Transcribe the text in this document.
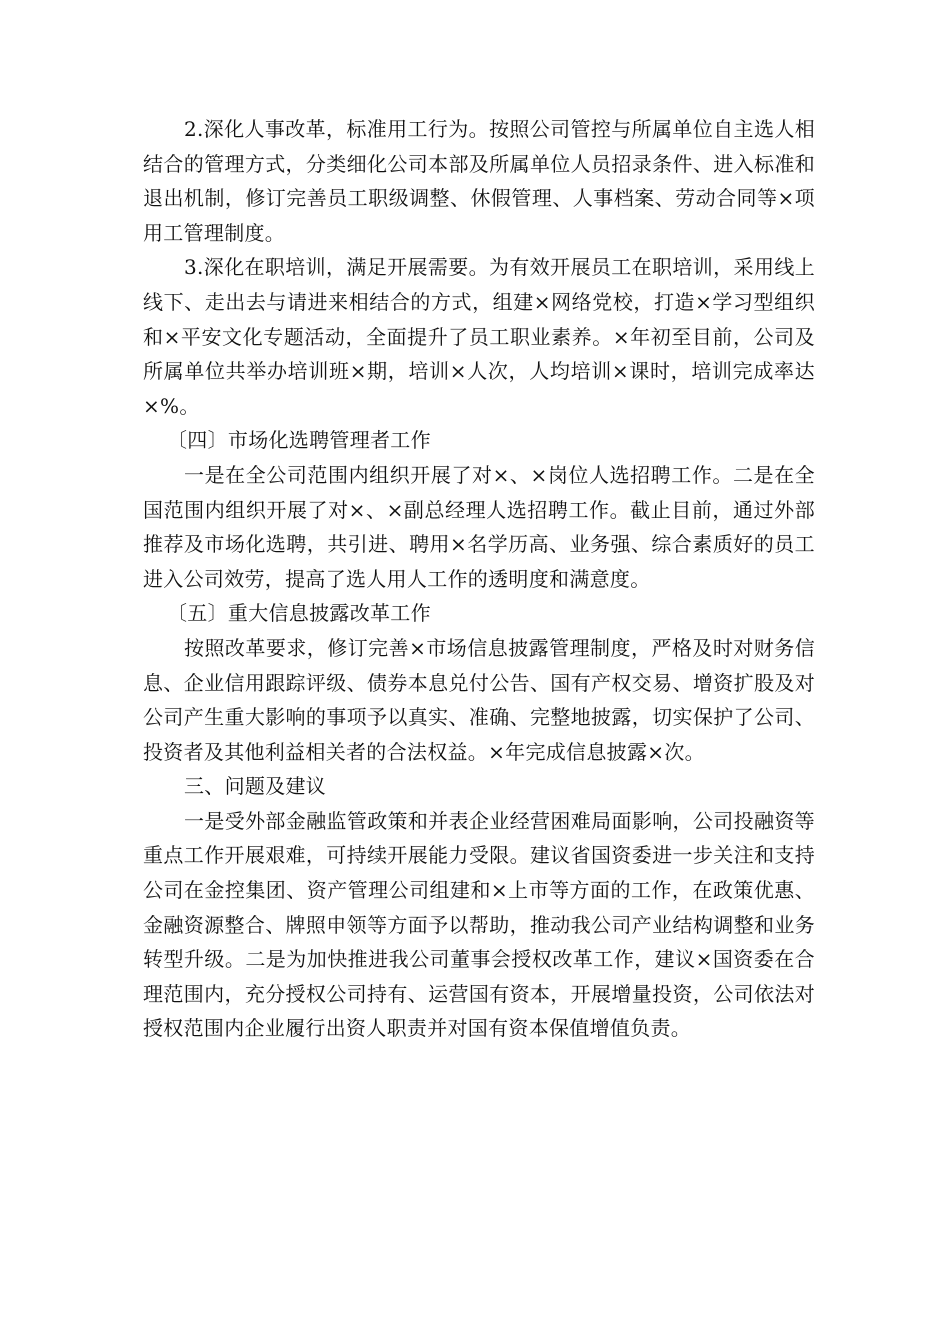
2.深化人事改革，标准用工行为。按照公司管控与所属单位自主选人相结合的管理方式，分类细化公司本部及所属单位人员招录条件、进入标准和退出机制，修订完善员工职级调整、休假管理、人事档案、劳动合同等×项用工管理制度。

3.深化在职培训，满足开展需要。为有效开展员工在职培训，采用线上线下、走出去与请进来相结合的方式，组建×网络党校，打造×学习型组织和×平安文化专题活动，全面提升了员工职业素养。×年初至目前，公司及所属单位共举办培训班×期，培训×人次，人均培训×课时，培训完成率达×%。

〔四〕市场化选聘管理者工作

一是在全公司范围内组织开展了对×、×岗位人选招聘工作。二是在全国范围内组织开展了对×、×副总经理人选招聘工作。截止目前，通过外部推荐及市场化选聘，共引进、聘用×名学历高、业务强、综合素质好的员工进入公司效劳，提高了选人用人工作的透明度和满意度。

〔五〕重大信息披露改革工作

按照改革要求，修订完善×市场信息披露管理制度，严格及时对财务信息、企业信用跟踪评级、债券本息兑付公告、国有产权交易、增资扩股及对公司产生重大影响的事项予以真实、准确、完整地披露，切实保护了公司、投资者及其他利益相关者的合法权益。×年完成信息披露×次。

三、问题及建议

一是受外部金融监管政策和并表企业经营困难局面影响，公司投融资等重点工作开展艰难，可持续开展能力受限。建议省国资委进一步关注和支持公司在金控集团、资产管理公司组建和×上市等方面的工作，在政策优惠、金融资源整合、牌照申领等方面予以帮助，推动我公司产业结构调整和业务转型升级。二是为加快推进我公司董事会授权改革工作，建议×国资委在合理范围内，充分授权公司持有、运营国有资本，开展增量投资，公司依法对授权范围内企业履行出资人职责并对国有资本保值增值负责。
